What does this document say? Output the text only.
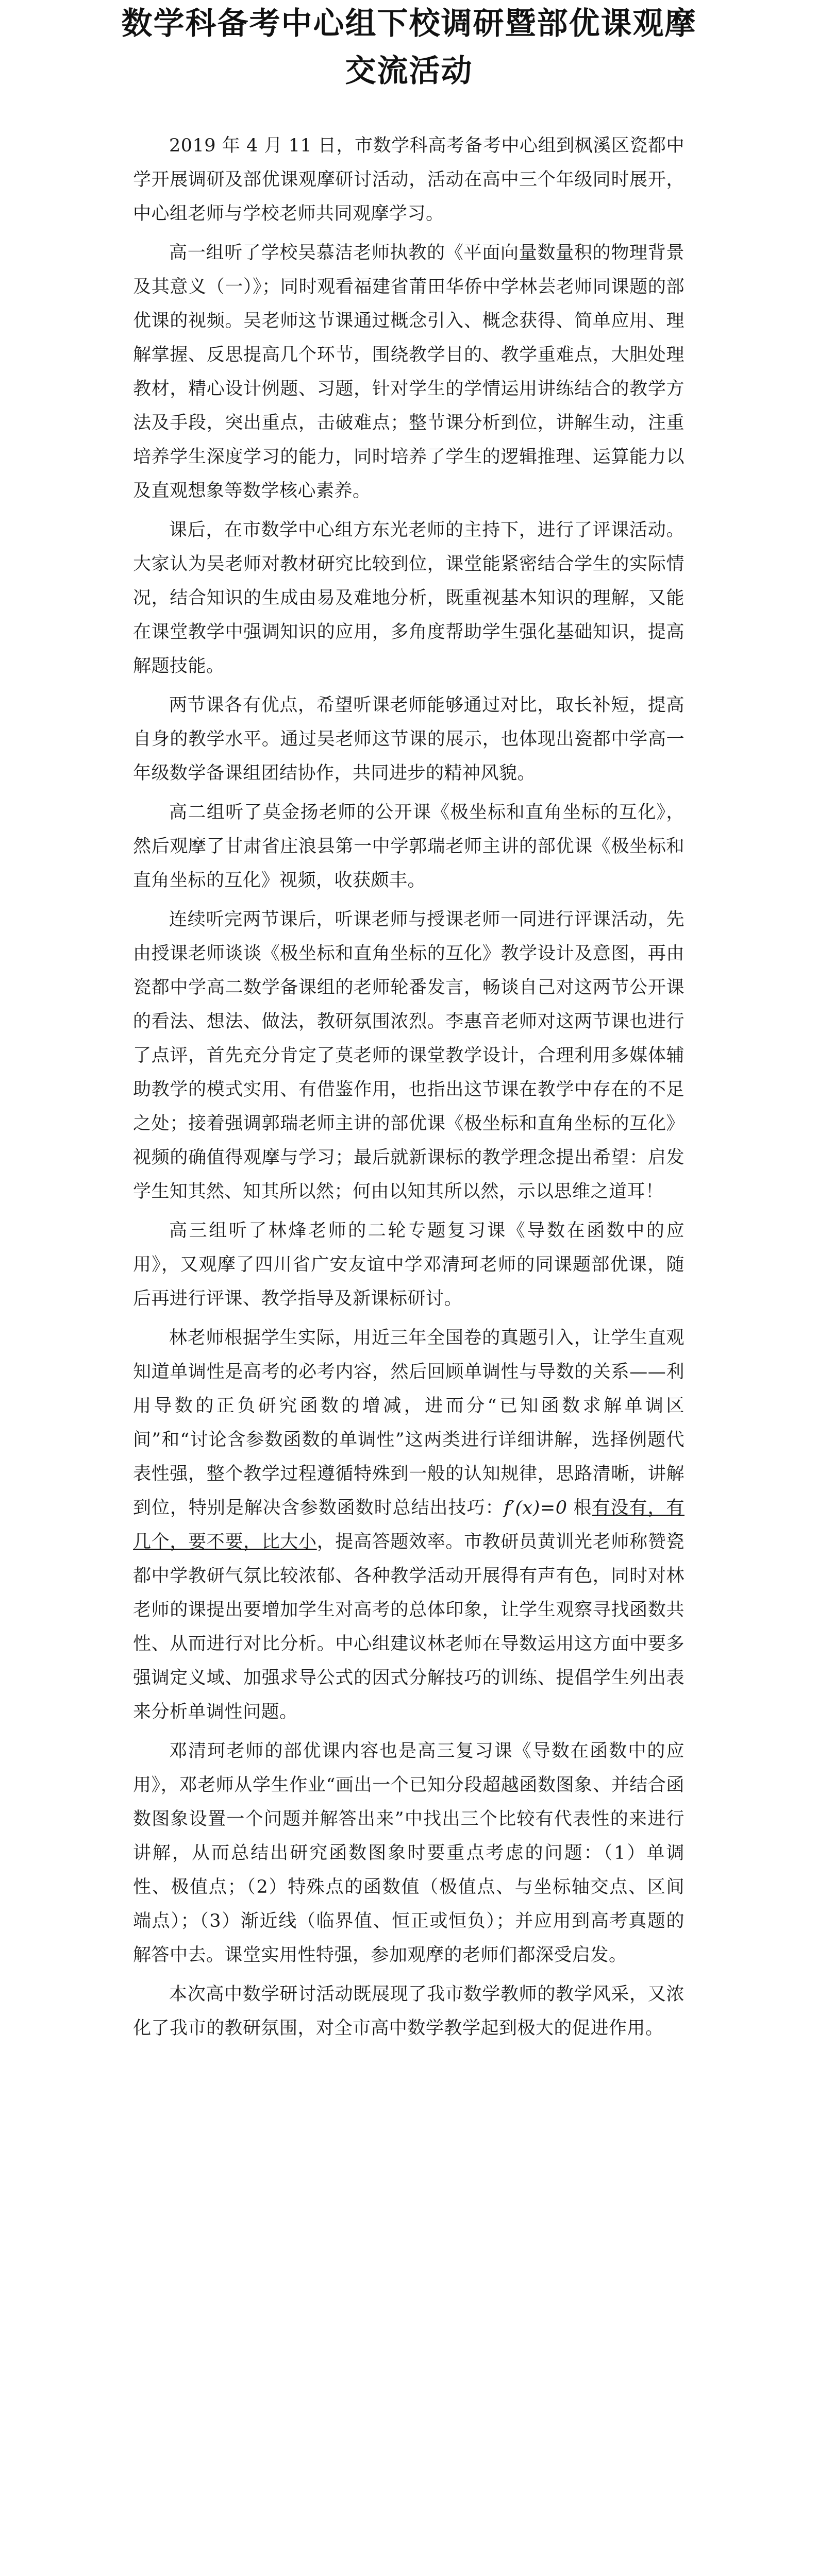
数学科备考中心组下校调研暨部优课观摩
交流活动

2019 年 4 月 11 日，市数学科高考备考中心组到枫溪区瓷都中学开展调研及部优课观摩研讨活动，活动在高中三个年级同时展开，中心组老师与学校老师共同观摩学习。

高一组听了学校吴慕洁老师执教的《平面向量数量积的物理背景及其意义（一）》；同时观看福建省莆田华侨中学林芸老师同课题的部优课的视频。吴老师这节课通过概念引入、概念获得、简单应用、理解掌握、反思提高几个环节，围绕教学目的、教学重难点，大胆处理教材，精心设计例题、习题，针对学生的学情运用讲练结合的教学方法及手段，突出重点，击破难点；整节课分析到位，讲解生动，注重培养学生深度学习的能力，同时培养了学生的逻辑推理、运算能力以及直观想象等数学核心素养。

课后，在市数学中心组方东光老师的主持下，进行了评课活动。大家认为吴老师对教材研究比较到位，课堂能紧密结合学生的实际情况，结合知识的生成由易及难地分析，既重视基本知识的理解，又能在课堂教学中强调知识的应用，多角度帮助学生强化基础知识，提高解题技能。

两节课各有优点，希望听课老师能够通过对比，取长补短，提高自身的教学水平。通过吴老师这节课的展示，也体现出瓷都中学高一年级数学备课组团结协作，共同进步的精神风貌。

高二组听了莫金扬老师的公开课《极坐标和直角坐标的互化》，然后观摩了甘肃省庄浪县第一中学郭瑞老师主讲的部优课《极坐标和直角坐标的互化》视频，收获颇丰。

连续听完两节课后，听课老师与授课老师一同进行评课活动，先由授课老师谈谈《极坐标和直角坐标的互化》教学设计及意图，再由瓷都中学高二数学备课组的老师轮番发言，畅谈自己对这两节公开课的看法、想法、做法，教研氛围浓烈。李惠音老师对这两节课也进行了点评，首先充分肯定了莫老师的课堂教学设计，合理利用多媒体辅助教学的模式实用、有借鉴作用，也指出这节课在教学中存在的不足之处；接着强调郭瑞老师主讲的部优课《极坐标和直角坐标的互化》视频的确值得观摩与学习；最后就新课标的教学理念提出希望：启发学生知其然、知其所以然；何由以知其所以然，示以思维之道耳！

高三组听了林烽老师的二轮专题复习课《导数在函数中的应用》，又观摩了四川省广安友谊中学邓清珂老师的同课题部优课，随后再进行评课、教学指导及新课标研讨。

林老师根据学生实际，用近三年全国卷的真题引入，让学生直观知道单调性是高考的必考内容，然后回顾单调性与导数的关系——利用导数的正负研究函数的增减，进而分“已知函数求解单调区间”和“讨论含参数函数的单调性”这两类进行详细讲解，选择例题代表性强，整个教学过程遵循特殊到一般的认知规律，思路清晰，讲解到位，特别是解决含参数函数时总结出技巧：f′(x)=0 根有没有，有几个，要不要，比大小，提高答题效率。市教研员黄训光老师称赞瓷都中学教研气氛比较浓郁、各种教学活动开展得有声有色，同时对林老师的课提出要增加学生对高考的总体印象，让学生观察寻找函数共性、从而进行对比分析。中心组建议林老师在导数运用这方面中要多强调定义域、加强求导公式的因式分解技巧的训练、提倡学生列出表来分析单调性问题。

邓清珂老师的部优课内容也是高三复习课《导数在函数中的应用》，邓老师从学生作业“画出一个已知分段超越函数图象、并结合函数图象设置一个问题并解答出来”中找出三个比较有代表性的来进行讲解，从而总结出研究函数图象时要重点考虑的问题：（1）单调性、极值点；（2）特殊点的函数值（极值点、与坐标轴交点、区间端点）；（3）渐近线（临界值、恒正或恒负）；并应用到高考真题的解答中去。课堂实用性特强，参加观摩的老师们都深受启发。

本次高中数学研讨活动既展现了我市数学教师的教学风采，又浓化了我市的教研氛围，对全市高中数学教学起到极大的促进作用。
